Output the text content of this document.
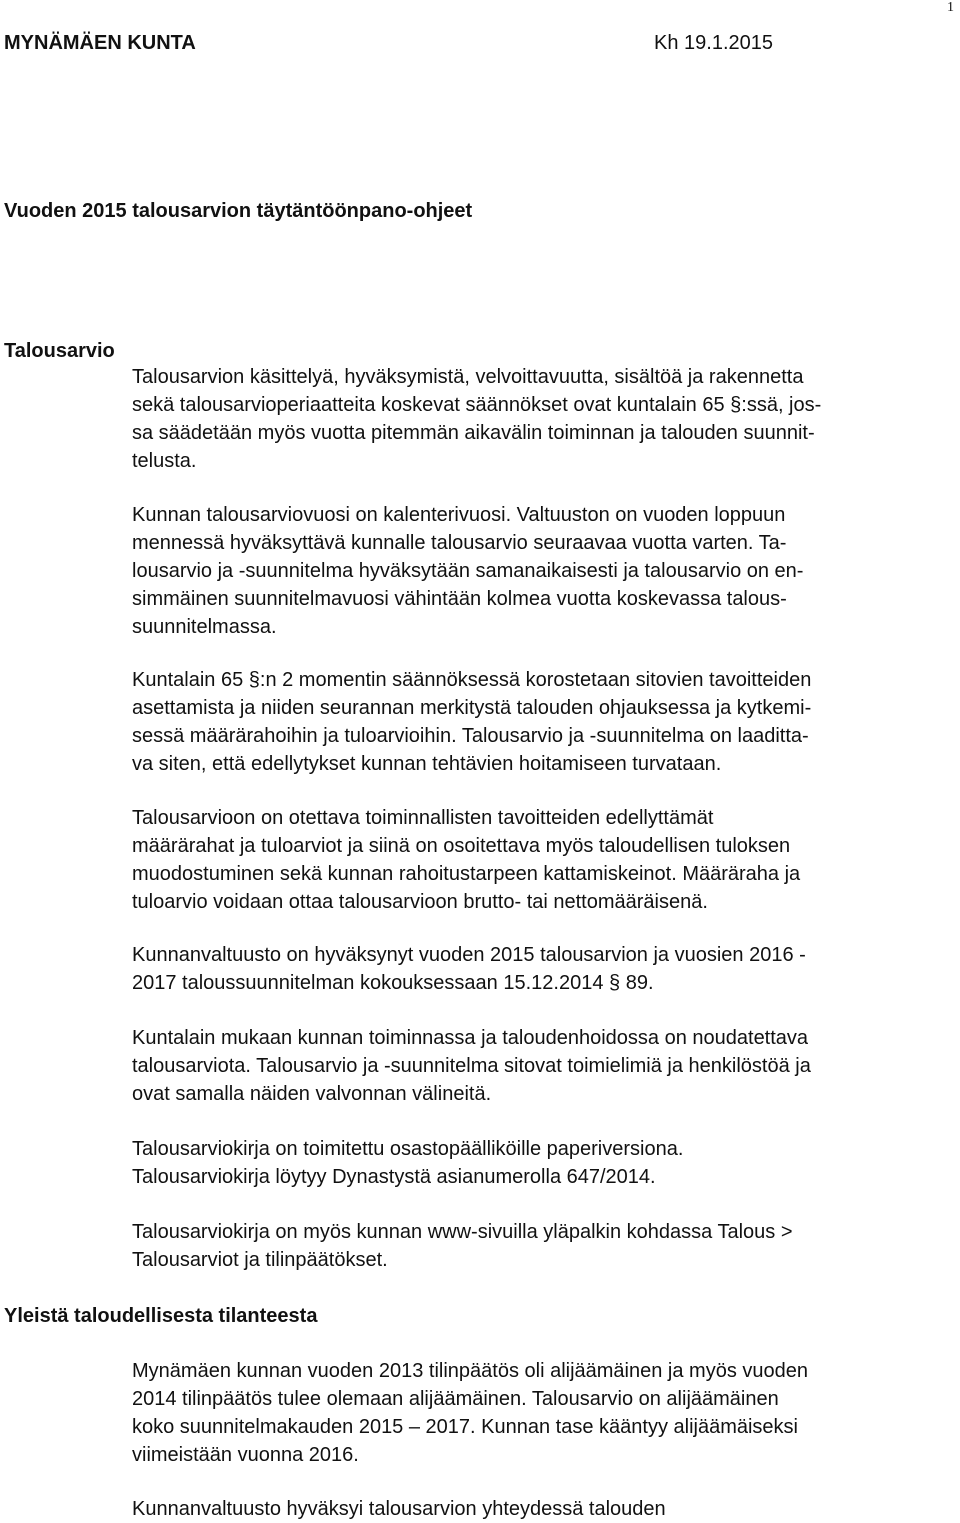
1
MYNÄMÄEN KUNTA	Kh 19.1.2015
Vuoden 2015 talousarvion täytäntöönpano-ohjeet
Talousarvio
Talousarvion käsittelyä, hyväksymistä, velvoittavuutta, sisältöä ja rakennetta
sekä talousarvioperiaatteita koskevat säännökset ovat kuntalain 65 §:ssä, jos-
sa säädetään myös vuotta pitemmän aikavälin toiminnan ja talouden suunnit-
telusta.
Kunnan talousarviovuosi on kalenterivuosi. Valtuuston on vuoden loppuun
mennessä hyväksyttävä kunnalle talousarvio seuraavaa vuotta varten. Ta-
lousarvio ja -suunnitelma hyväksytään samanaikaisesti ja talousarvio on en-
simmäinen suunnitelmavuosi vähintään kolmea vuotta koskevassa talous-
suunnitelmassa.
Kuntalain 65 §:n 2 momentin säännöksessä korostetaan sitovien tavoitteiden
asettamista ja niiden seurannan merkitystä talouden ohjauksessa ja kytkemi-
sessä määrärahoihin ja tuloarvioihin. Talousarvio ja -suunnitelma on laaditta-
va siten, että edellytykset kunnan tehtävien hoitamiseen turvataan.
Talousarvioon on otettava toiminnallisten tavoitteiden edellyttämät
määrärahat ja tuloarviot ja siinä on osoitettava myös taloudellisen tuloksen
muodostuminen sekä kunnan rahoitustarpeen kattamiskeinot. Määräraha ja
tuloarvio voidaan ottaa talousarvioon brutto- tai nettomääräisenä.
Kunnanvaltuusto on hyväksynyt vuoden 2015 talousarvion ja vuosien 2016 -
2017 taloussuunnitelman kokouksessaan 15.12.2014 § 89.
Kuntalain mukaan kunnan toiminnassa ja taloudenhoidossa on noudatettava
talousarviota. Talousarvio ja -suunnitelma sitovat toimielimiä ja henkilöstöä ja
ovat samalla näiden valvonnan välineitä.
Talousarviokirja on toimitettu osastopäälliköille paperiversiona.
Talousarviokirja löytyy Dynastystä asianumerolla 647/2014.
Talousarviokirja on myös kunnan www-sivuilla yläpalkin kohdassa Talous >
Talousarviot ja tilinpäätökset.
Yleistä taloudellisesta tilanteesta
Mynämäen kunnan vuoden 2013 tilinpäätös oli alijäämäinen ja myös vuoden
2014 tilinpäätös tulee olemaan alijäämäinen. Talousarvio on alijäämäinen
koko suunnitelmakauden 2015 – 2017. Kunnan tase kääntyy alijäämäiseksi
viimeistään vuonna 2016.
Kunnanvaltuusto hyväksyi talousarvion yhteydessä talouden
